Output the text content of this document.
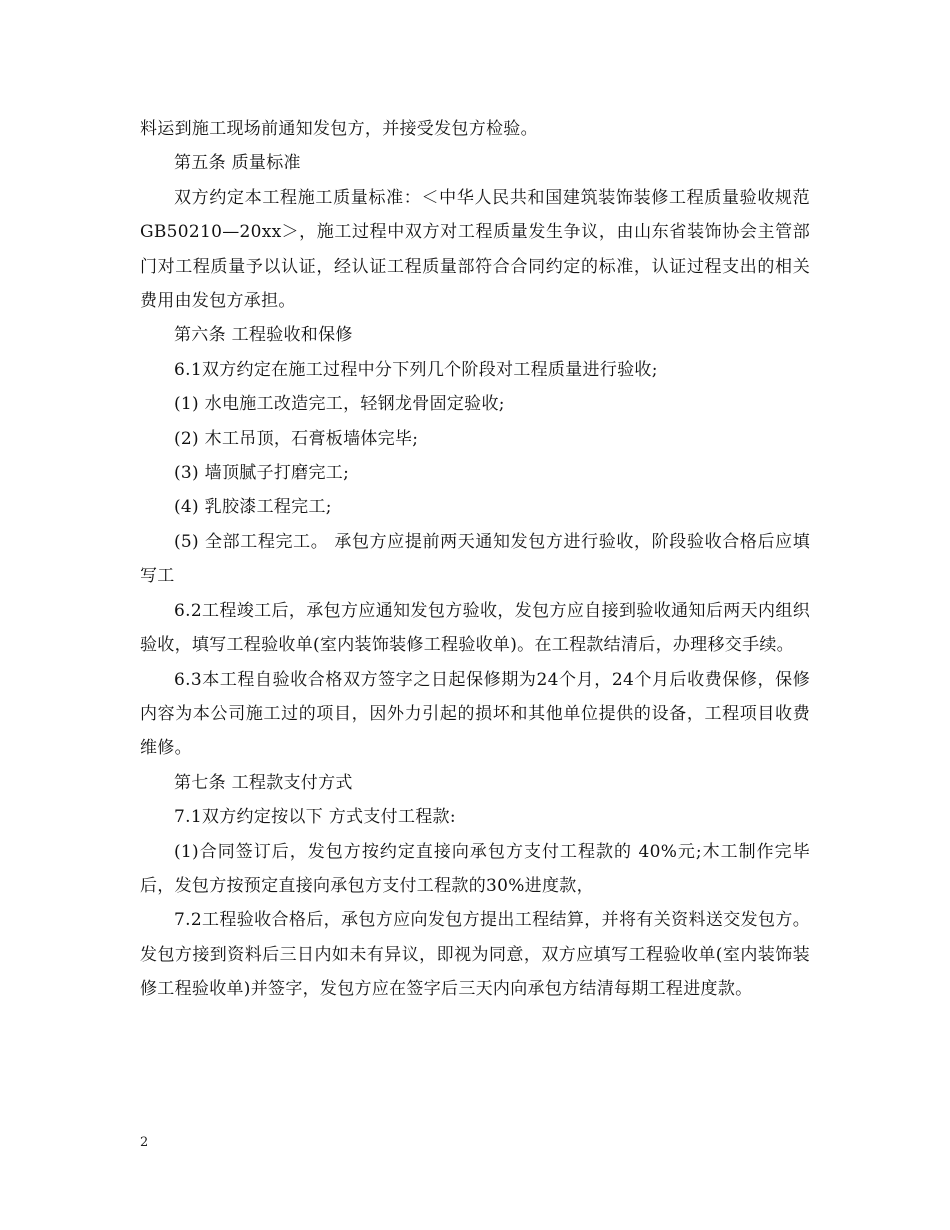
料运到施工现场前通知发包方，并接受发包方检验。

第五条 质量标准

双方约定本工程施工质量标准：＜中华人民共和国建筑装饰装修工程质量验收规范GB50210—20xx＞，施工过程中双方对工程质量发生争议，由山东省装饰协会主管部门对工程质量予以认证，经认证工程质量部符合合同约定的标准，认证过程支出的相关费用由发包方承担。

第六条 工程验收和保修

6.1双方约定在施工过程中分下列几个阶段对工程质量进行验收;

(1) 水电施工改造完工，轻钢龙骨固定验收;

(2) 木工吊顶，石膏板墙体完毕;

(3) 墙顶腻子打磨完工;

(4) 乳胶漆工程完工;

(5) 全部工程完工。 承包方应提前两天通知发包方进行验收，阶段验收合格后应填写工

6.2工程竣工后，承包方应通知发包方验收，发包方应自接到验收通知后两天内组织验收，填写工程验收单(室内装饰装修工程验收单)。在工程款结清后，办理移交手续。

6.3本工程自验收合格双方签字之日起保修期为24个月，24个月后收费保修，保修内容为本公司施工过的项目，因外力引起的损坏和其他单位提供的设备，工程项目收费维修。

第七条 工程款支付方式

7.1双方约定按以下 方式支付工程款:

(1)合同签订后，发包方按约定直接向承包方支付工程款的 40%元;木工制作完毕后，发包方按预定直接向承包方支付工程款的30%进度款，

7.2工程验收合格后，承包方应向发包方提出工程结算，并将有关资料送交发包方。发包方接到资料后三日内如未有异议，即视为同意，双方应填写工程验收单(室内装饰装修工程验收单)并签字，发包方应在签字后三天内向承包方结清每期工程进度款。

2
